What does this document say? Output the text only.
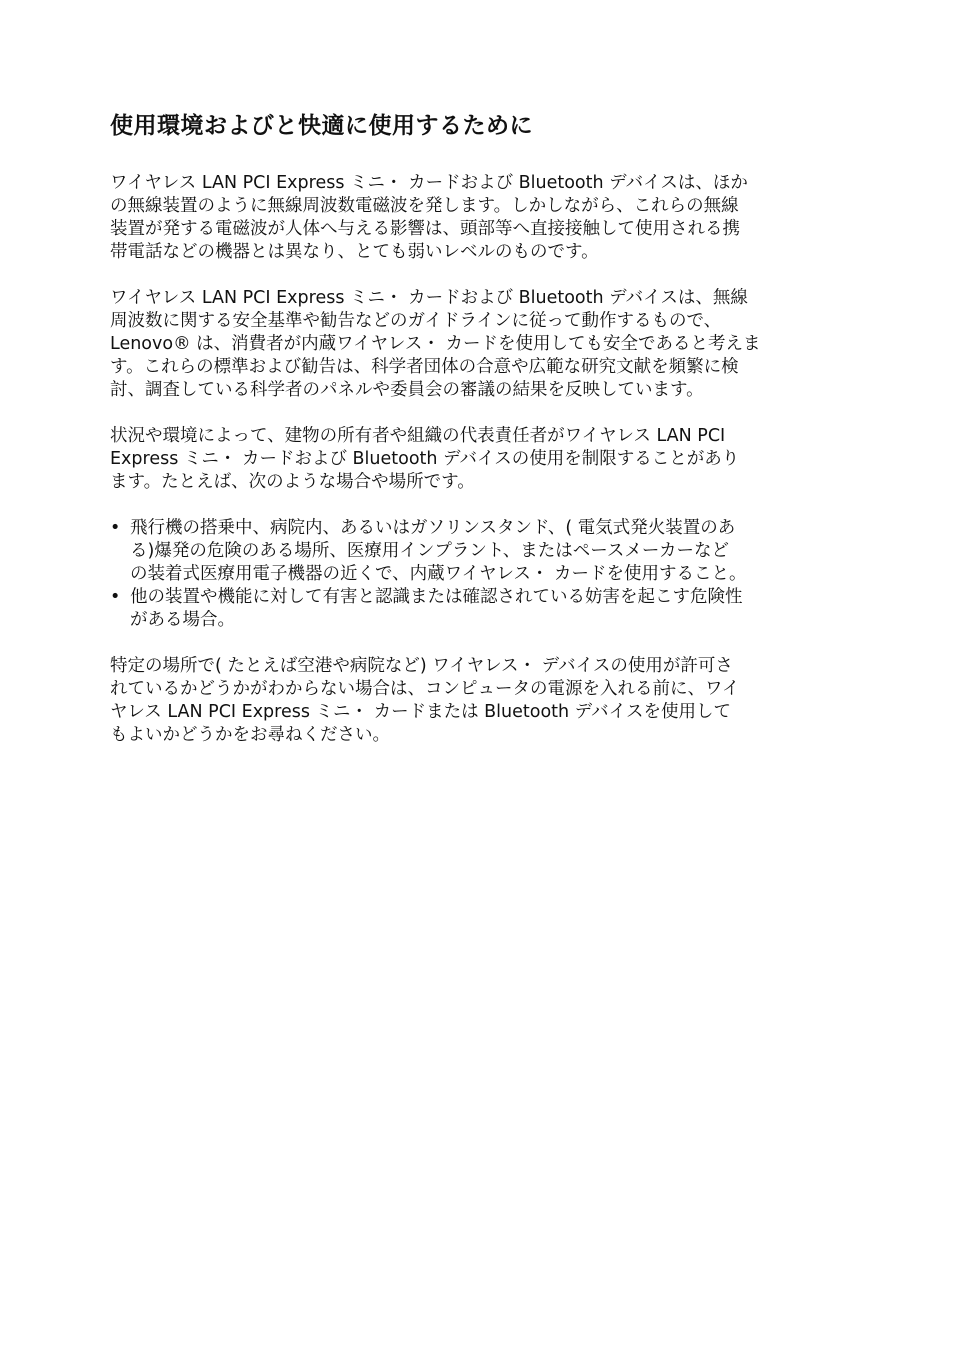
使用環境およびと快適に使用するために
ワイヤレス LAN PCI Express ミニ・ カードおよび Bluetooth デバイスは、ほか
の無線装置のように無線周波数電磁波を発します。しかしながら、これらの無線
装置が発する電磁波が人体へ与える影響は、頭部等へ直接接触して使用される携
帯電話などの機器とは異なり、とても弱いレベルのものです。
ワイヤレス LAN PCI Express ミニ・ カードおよび Bluetooth デバイスは、無線
周波数に関する安全基準や勧告などのガイドラインに従って動作するもので、
Lenovo® は、消費者が内蔵ワイヤレス・ カードを使用しても安全であると考えま
す。これらの標準および勧告は、科学者団体の合意や広範な研究文献を頻繁に検
討、調査している科学者のパネルや委員会の審議の結果を反映しています。
状況や環境によって、建物の所有者や組織の代表責任者がワイヤレス LAN PCI
Express ミニ・ カードおよび Bluetooth デバイスの使用を制限することがあり
ます。たとえば、次のような場合や場所です。
• 飛行機の搭乗中、病院内、あるいはガソリンスタンド、( 電気式発火装置のあ
る)爆発の危険のある場所、医療用インプラント、またはペースメーカーなど
の装着式医療用電子機器の近くで、内蔵ワイヤレス・ カードを使用すること。
• 他の装置や機能に対して有害と認識または確認されている妨害を起こす危険性
がある場合。
特定の場所で( たとえば空港や病院など) ワイヤレス・ デバイスの使用が許可さ
れているかどうかがわからない場合は、コンピュータの電源を入れる前に、ワイ
ヤレス LAN PCI Express ミニ・ カードまたは Bluetooth デバイスを使用して
もよいかどうかをお尋ねください。
